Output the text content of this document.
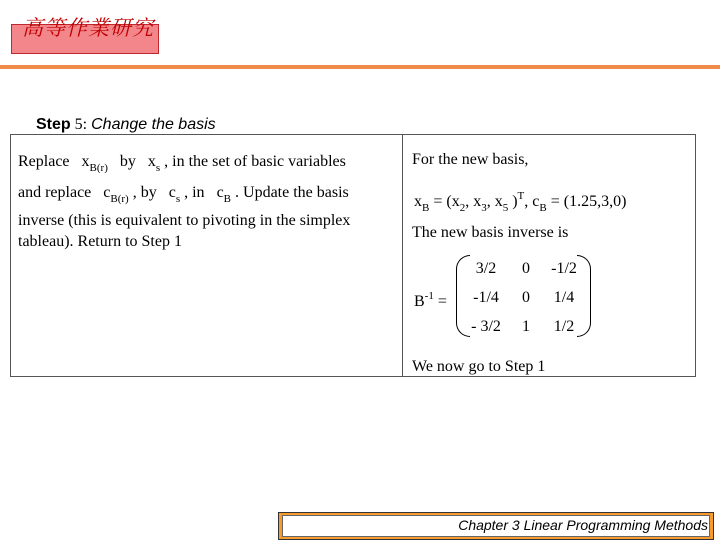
高等作業研究
Step 5: Change the basis
Replace $x_{B(r)}$ by $x_s$ , in the set of basic variables
and replace $c_{B(r)}$ , by $c_s$ , in $c_B$ . Update the basis
inverse (this is equivalent to pivoting in the simplex
tableau). Return to Step 1
For the new basis,
$x_B = (x_2$, $x_3$, $x_5$ )$^T$, $c_B = (1.25,3,0)$
The new basis inverse is
$B^{-1}$ =
3/2	0	-1/2
-1/4	0	1/4
- 3/2	1	1/2
We now go to Step 1
Chapter 3 Linear Programming Methods
